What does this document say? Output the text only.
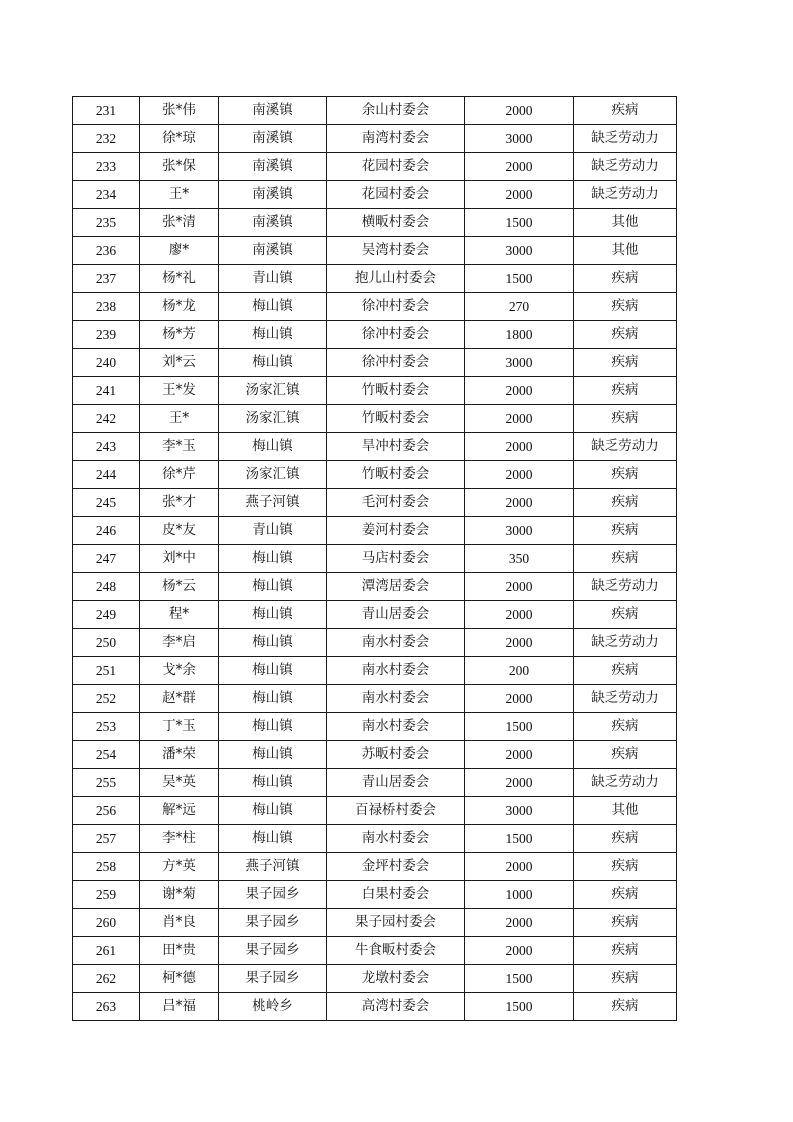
231	张*伟	南溪镇	余山村委会	2000	疾病
232	徐*琼	南溪镇	南湾村委会	3000	缺乏劳动力
233	张*保	南溪镇	花园村委会	2000	缺乏劳动力
234	王*	南溪镇	花园村委会	2000	缺乏劳动力
235	张*清	南溪镇	横畈村委会	1500	其他
236	廖*	南溪镇	吴湾村委会	3000	其他
237	杨*礼	青山镇	抱儿山村委会	1500	疾病
238	杨*龙	梅山镇	徐冲村委会	270	疾病
239	杨*芳	梅山镇	徐冲村委会	1800	疾病
240	刘*云	梅山镇	徐冲村委会	3000	疾病
241	王*发	汤家汇镇	竹畈村委会	2000	疾病
242	王*	汤家汇镇	竹畈村委会	2000	疾病
243	李*玉	梅山镇	旱冲村委会	2000	缺乏劳动力
244	徐*芹	汤家汇镇	竹畈村委会	2000	疾病
245	张*才	燕子河镇	毛河村委会	2000	疾病
246	皮*友	青山镇	姜河村委会	3000	疾病
247	刘*中	梅山镇	马店村委会	350	疾病
248	杨*云	梅山镇	潭湾居委会	2000	缺乏劳动力
249	程*	梅山镇	青山居委会	2000	疾病
250	李*启	梅山镇	南水村委会	2000	缺乏劳动力
251	戈*余	梅山镇	南水村委会	200	疾病
252	赵*群	梅山镇	南水村委会	2000	缺乏劳动力
253	丁*玉	梅山镇	南水村委会	1500	疾病
254	潘*荣	梅山镇	苏畈村委会	2000	疾病
255	吴*英	梅山镇	青山居委会	2000	缺乏劳动力
256	解*远	梅山镇	百禄桥村委会	3000	其他
257	李*柱	梅山镇	南水村委会	1500	疾病
258	方*英	燕子河镇	金坪村委会	2000	疾病
259	谢*菊	果子园乡	白果村委会	1000	疾病
260	肖*良	果子园乡	果子园村委会	2000	疾病
261	田*贵	果子园乡	牛食畈村委会	2000	疾病
262	柯*德	果子园乡	龙墩村委会	1500	疾病
263	吕*福	桃岭乡	高湾村委会	1500	疾病
